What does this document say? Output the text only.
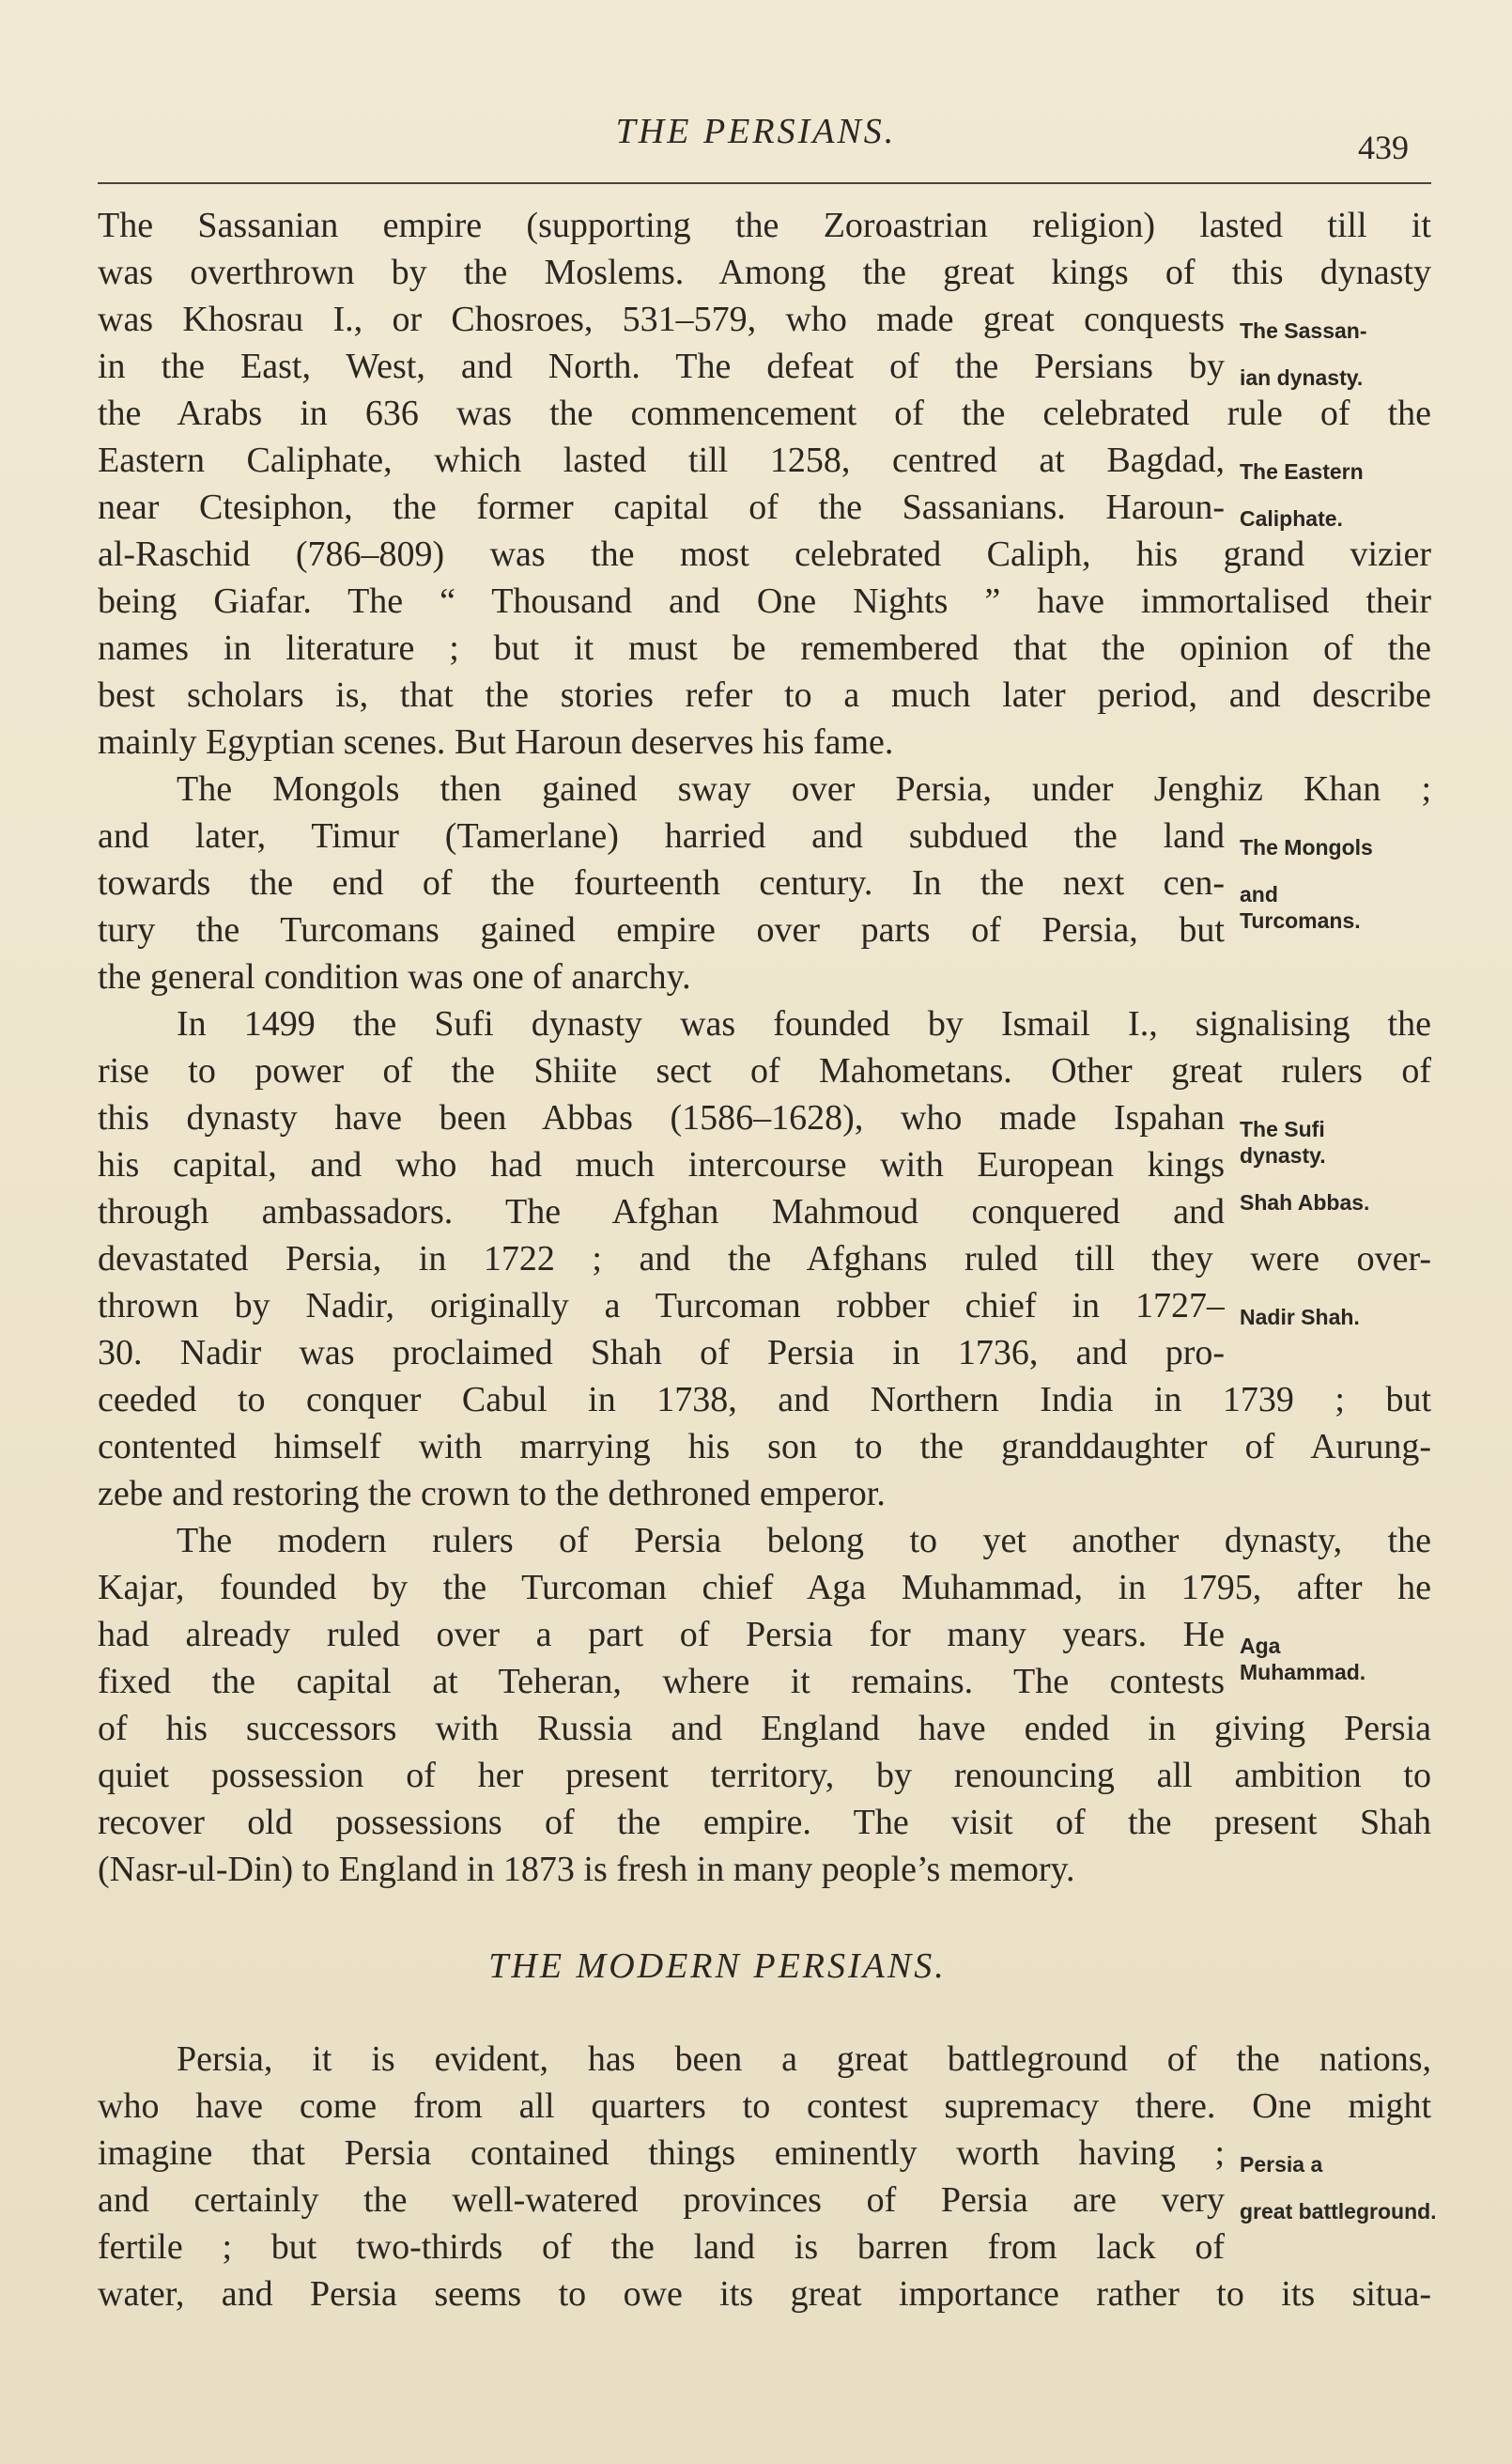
THE PERSIANS.	439
The Sassanian empire (supporting the Zoroastrian religion) lasted till it
was overthrown by the Moslems. Among the great kings of this dynasty
was Khosrau I., or Chosroes, 531–579, who made great conquests The Sassan-
in the East, West, and North. The defeat of the Persians by ian dynasty.
the Arabs in 636 was the commencement of the celebrated rule of the
Eastern Caliphate, which lasted till 1258, centred at Bagdad, The Eastern
near Ctesiphon, the former capital of the Sassanians. Haroun- Caliphate.
al-Raschid (786–809) was the most celebrated Caliph, his grand vizier
being Giafar. The “ Thousand and One Nights ” have immortalised their
names in literature ; but it must be remembered that the opinion of the
best scholars is, that the stories refer to a much later period, and describe
mainly Egyptian scenes. But Haroun deserves his fame.
The Mongols then gained sway over Persia, under Jenghiz Khan ;
and later, Timur (Tamerlane) harried and subdued the land The Mongols
towards the end of the fourteenth century. In the next cen- and
tury the Turcomans gained empire over parts of Persia, but Turcomans.
the general condition was one of anarchy.
In 1499 the Sufi dynasty was founded by Ismail I., signalising the
rise to power of the Shiite sect of Mahometans. Other great rulers of
this dynasty have been Abbas (1586–1628), who made Ispahan The Sufi
his capital, and who had much intercourse with European kings dynasty.
through ambassadors. The Afghan Mahmoud conquered and Shah Abbas.
devastated Persia, in 1722 ; and the Afghans ruled till they were over-
thrown by Nadir, originally a Turcoman robber chief in 1727– Nadir Shah.
30. Nadir was proclaimed Shah of Persia in 1736, and pro-
ceeded to conquer Cabul in 1738, and Northern India in 1739 ; but
contented himself with marrying his son to the granddaughter of Aurung-
zebe and restoring the crown to the dethroned emperor.
The modern rulers of Persia belong to yet another dynasty, the
Kajar, founded by the Turcoman chief Aga Muhammad, in 1795, after he
had already ruled over a part of Persia for many years. He Aga
fixed the capital at Teheran, where it remains. The contests Muhammad.
of his successors with Russia and England have ended in giving Persia
quiet possession of her present territory, by renouncing all ambition to
recover old possessions of the empire. The visit of the present Shah
(Nasr-ul-Din) to England in 1873 is fresh in many people’s memory.
THE MODERN PERSIANS.
Persia, it is evident, has been a great battleground of the nations,
who have come from all quarters to contest supremacy there. One might
imagine that Persia contained things eminently worth having ; Persia a
and certainly the well-watered provinces of Persia are very great battleground.
fertile ; but two-thirds of the land is barren from lack of
water, and Persia seems to owe its great importance rather to its situa-
